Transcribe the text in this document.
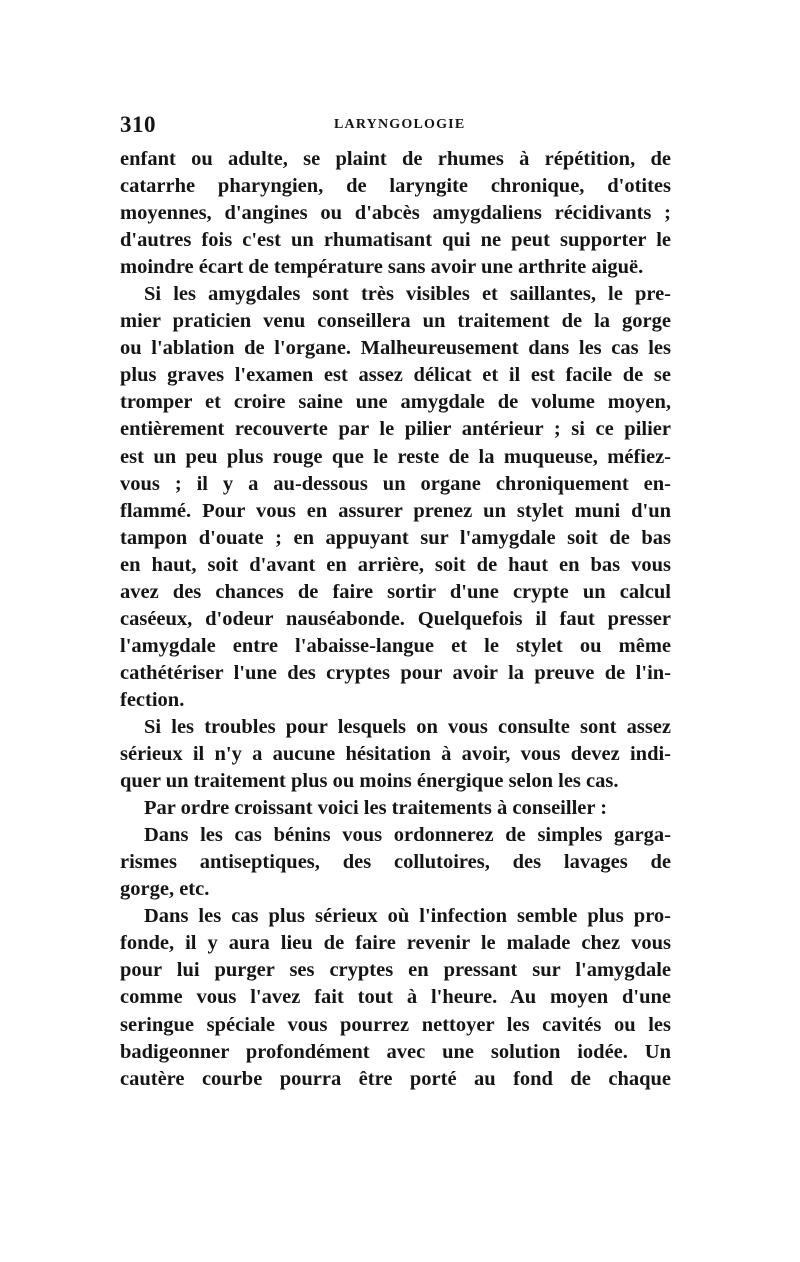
310	LARYNGOLOGIE
enfant ou adulte, se plaint de rhumes à répétition, de
catarrhe pharyngien, de laryngite chronique, d'otites
moyennes, d'angines ou d'abcès amygdaliens récidivants ;
d'autres fois c'est un rhumatisant qui ne peut supporter le
moindre écart de température sans avoir une arthrite aiguë.
Si les amygdales sont très visibles et saillantes, le pre-
mier praticien venu conseillera un traitement de la gorge
ou l'ablation de l'organe. Malheureusement dans les cas les
plus graves l'examen est assez délicat et il est facile de se
tromper et croire saine une amygdale de volume moyen,
entièrement recouverte par le pilier antérieur ; si ce pilier
est un peu plus rouge que le reste de la muqueuse, méfiez-
vous ; il y a au-dessous un organe chroniquement en-
flammé. Pour vous en assurer prenez un stylet muni d'un
tampon d'ouate ; en appuyant sur l'amygdale soit de bas
en haut, soit d'avant en arrière, soit de haut en bas vous
avez des chances de faire sortir d'une crypte un calcul
caséeux, d'odeur nauséabonde. Quelquefois il faut presser
l'amygdale entre l'abaisse-langue et le stylet ou même
cathétériser l'une des cryptes pour avoir la preuve de l'in-
fection.
Si les troubles pour lesquels on vous consulte sont assez
sérieux il n'y a aucune hésitation à avoir, vous devez indi-
quer un traitement plus ou moins énergique selon les cas.
Par ordre croissant voici les traitements à conseiller :
Dans les cas bénins vous ordonnerez de simples garga-
rismes antiseptiques, des collutoires, des lavages de
gorge, etc.
Dans les cas plus sérieux où l'infection semble plus pro-
fonde, il y aura lieu de faire revenir le malade chez vous
pour lui purger ses cryptes en pressant sur l'amygdale
comme vous l'avez fait tout à l'heure. Au moyen d'une
seringue spéciale vous pourrez nettoyer les cavités ou les
badigeonner profondément avec une solution iodée. Un
cautère courbe pourra être porté au fond de chaque
